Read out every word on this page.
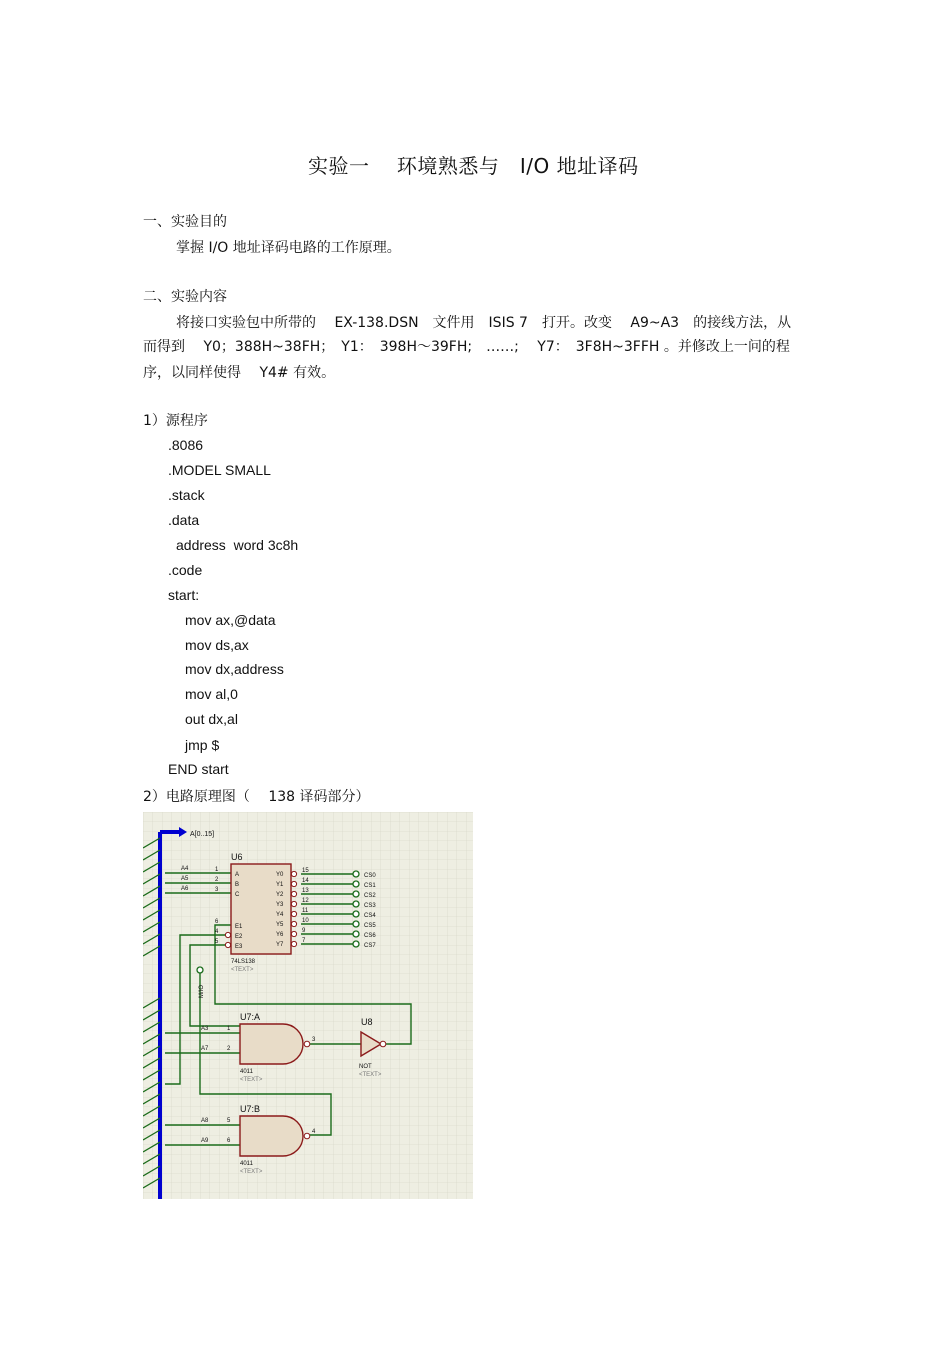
实验一　 环境熟悉与　I/O 地址译码
一、实验目的
掌握 I/O 地址译码电路的工作原理。
二、实验内容
将接口实验包中所带的　 EX-138.DSN　文件用　ISIS 7　打开。改变　 A9~A3　的接线方法，从
而得到　 Y0；388H~38FH；　Y1：　398H～39FH;　……;　 Y7：　3F8H~3FFH 。并修改上一问的程
序，以同样使得　 Y4# 有效。
1）源程序
.8086
.MODEL SMALL
.stack
.data
address  word 3c8h
.code
start:
mov ax,@data
mov ds,ax
mov dx,address
mov al,0
out dx,al
jmp $
END start
2）电路原理图（　 138 译码部分）
A[0..15]
A4
A5
A6
A3
A7
A8
A9
U6
A
B
C
E1
E2
E3
Y0
Y1
Y2
Y3
Y4
Y5
Y6
Y7
1
2
3
6
4
5
15
14
13
12
11
10
9
7
74LS138
<TEXT>
CS0
CS1
CS2
CS3
CS4
CS5
CS6
CS7
M/IO
U7:A
1
2
3
4011
<TEXT>
U8
NOT
<TEXT>
U7:B
5
6
4
4011
<TEXT>
